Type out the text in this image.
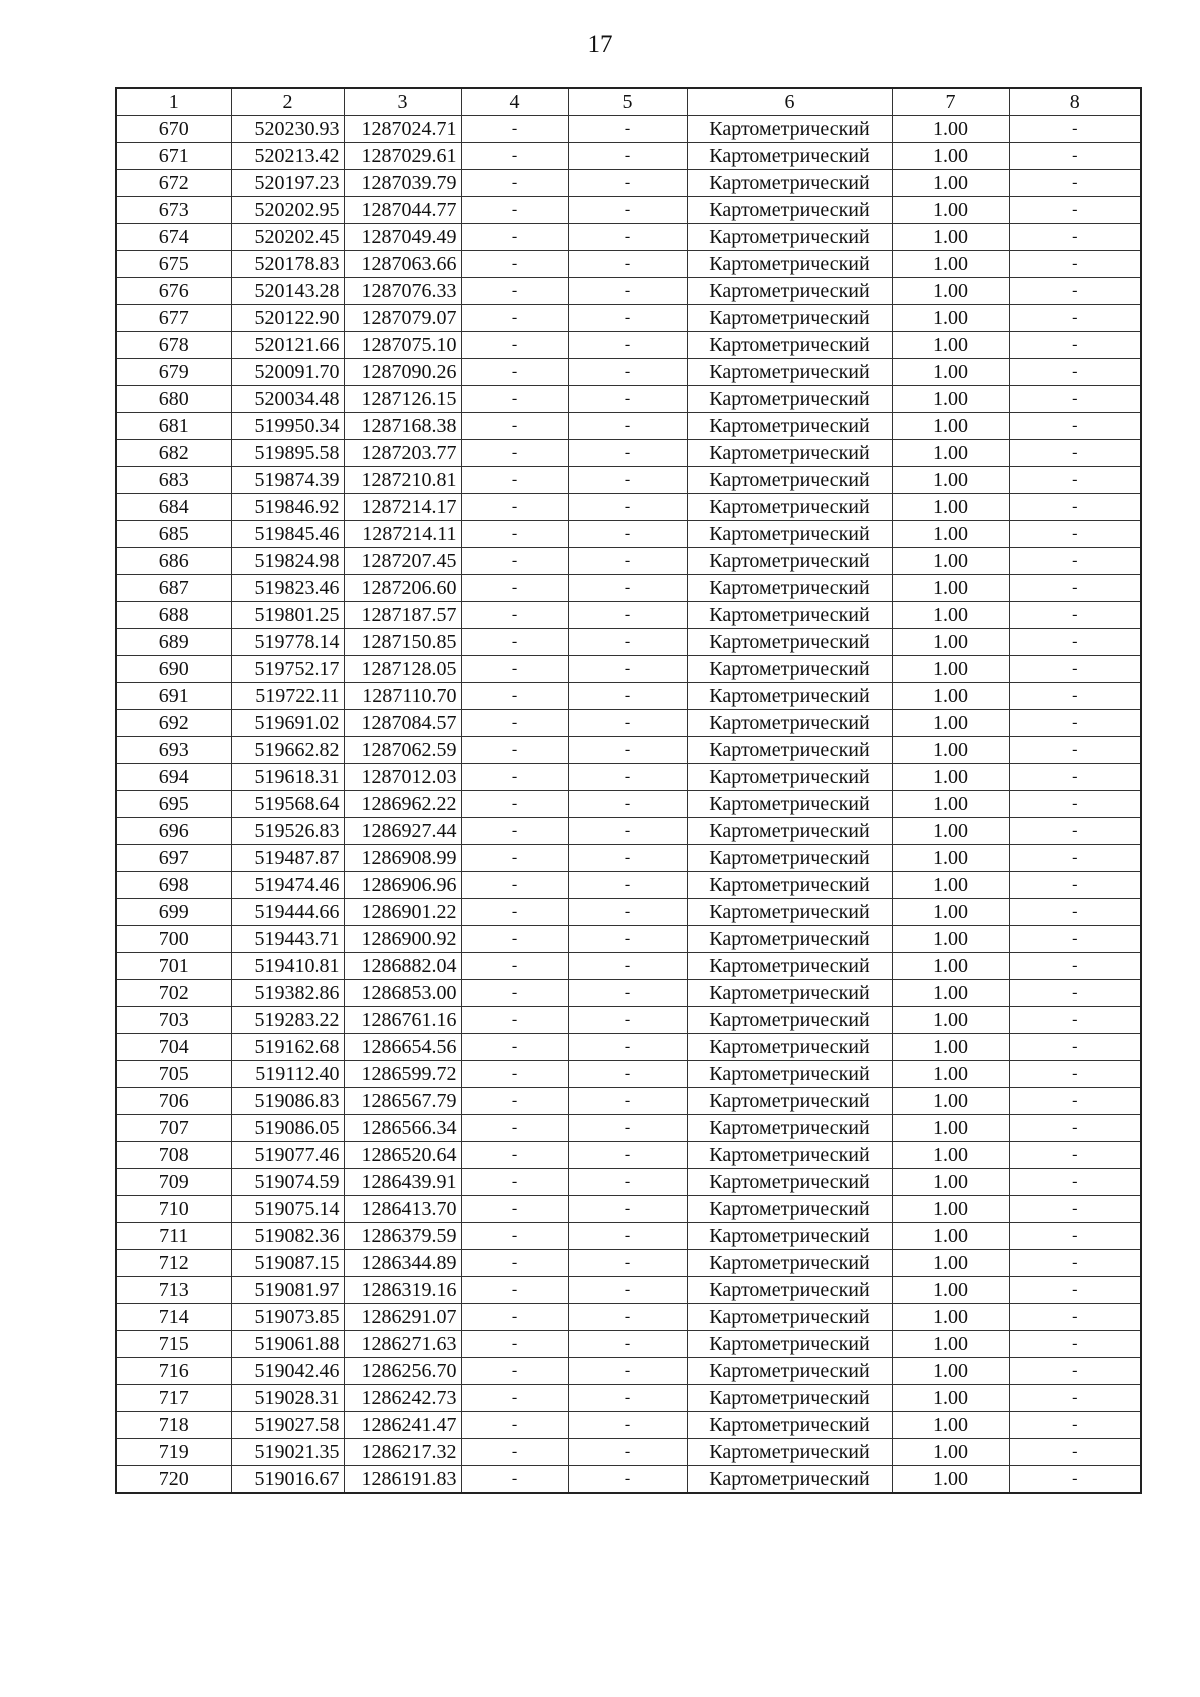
17
1	2	3	4	5	6	7	8
670	520230.93	1287024.71	-	-	Картометрический	1.00	-
671	520213.42	1287029.61	-	-	Картометрический	1.00	-
672	520197.23	1287039.79	-	-	Картометрический	1.00	-
673	520202.95	1287044.77	-	-	Картометрический	1.00	-
674	520202.45	1287049.49	-	-	Картометрический	1.00	-
675	520178.83	1287063.66	-	-	Картометрический	1.00	-
676	520143.28	1287076.33	-	-	Картометрический	1.00	-
677	520122.90	1287079.07	-	-	Картометрический	1.00	-
678	520121.66	1287075.10	-	-	Картометрический	1.00	-
679	520091.70	1287090.26	-	-	Картометрический	1.00	-
680	520034.48	1287126.15	-	-	Картометрический	1.00	-
681	519950.34	1287168.38	-	-	Картометрический	1.00	-
682	519895.58	1287203.77	-	-	Картометрический	1.00	-
683	519874.39	1287210.81	-	-	Картометрический	1.00	-
684	519846.92	1287214.17	-	-	Картометрический	1.00	-
685	519845.46	1287214.11	-	-	Картометрический	1.00	-
686	519824.98	1287207.45	-	-	Картометрический	1.00	-
687	519823.46	1287206.60	-	-	Картометрический	1.00	-
688	519801.25	1287187.57	-	-	Картометрический	1.00	-
689	519778.14	1287150.85	-	-	Картометрический	1.00	-
690	519752.17	1287128.05	-	-	Картометрический	1.00	-
691	519722.11	1287110.70	-	-	Картометрический	1.00	-
692	519691.02	1287084.57	-	-	Картометрический	1.00	-
693	519662.82	1287062.59	-	-	Картометрический	1.00	-
694	519618.31	1287012.03	-	-	Картометрический	1.00	-
695	519568.64	1286962.22	-	-	Картометрический	1.00	-
696	519526.83	1286927.44	-	-	Картометрический	1.00	-
697	519487.87	1286908.99	-	-	Картометрический	1.00	-
698	519474.46	1286906.96	-	-	Картометрический	1.00	-
699	519444.66	1286901.22	-	-	Картометрический	1.00	-
700	519443.71	1286900.92	-	-	Картометрический	1.00	-
701	519410.81	1286882.04	-	-	Картометрический	1.00	-
702	519382.86	1286853.00	-	-	Картометрический	1.00	-
703	519283.22	1286761.16	-	-	Картометрический	1.00	-
704	519162.68	1286654.56	-	-	Картометрический	1.00	-
705	519112.40	1286599.72	-	-	Картометрический	1.00	-
706	519086.83	1286567.79	-	-	Картометрический	1.00	-
707	519086.05	1286566.34	-	-	Картометрический	1.00	-
708	519077.46	1286520.64	-	-	Картометрический	1.00	-
709	519074.59	1286439.91	-	-	Картометрический	1.00	-
710	519075.14	1286413.70	-	-	Картометрический	1.00	-
711	519082.36	1286379.59	-	-	Картометрический	1.00	-
712	519087.15	1286344.89	-	-	Картометрический	1.00	-
713	519081.97	1286319.16	-	-	Картометрический	1.00	-
714	519073.85	1286291.07	-	-	Картометрический	1.00	-
715	519061.88	1286271.63	-	-	Картометрический	1.00	-
716	519042.46	1286256.70	-	-	Картометрический	1.00	-
717	519028.31	1286242.73	-	-	Картометрический	1.00	-
718	519027.58	1286241.47	-	-	Картометрический	1.00	-
719	519021.35	1286217.32	-	-	Картометрический	1.00	-
720	519016.67	1286191.83	-	-	Картометрический	1.00	-
